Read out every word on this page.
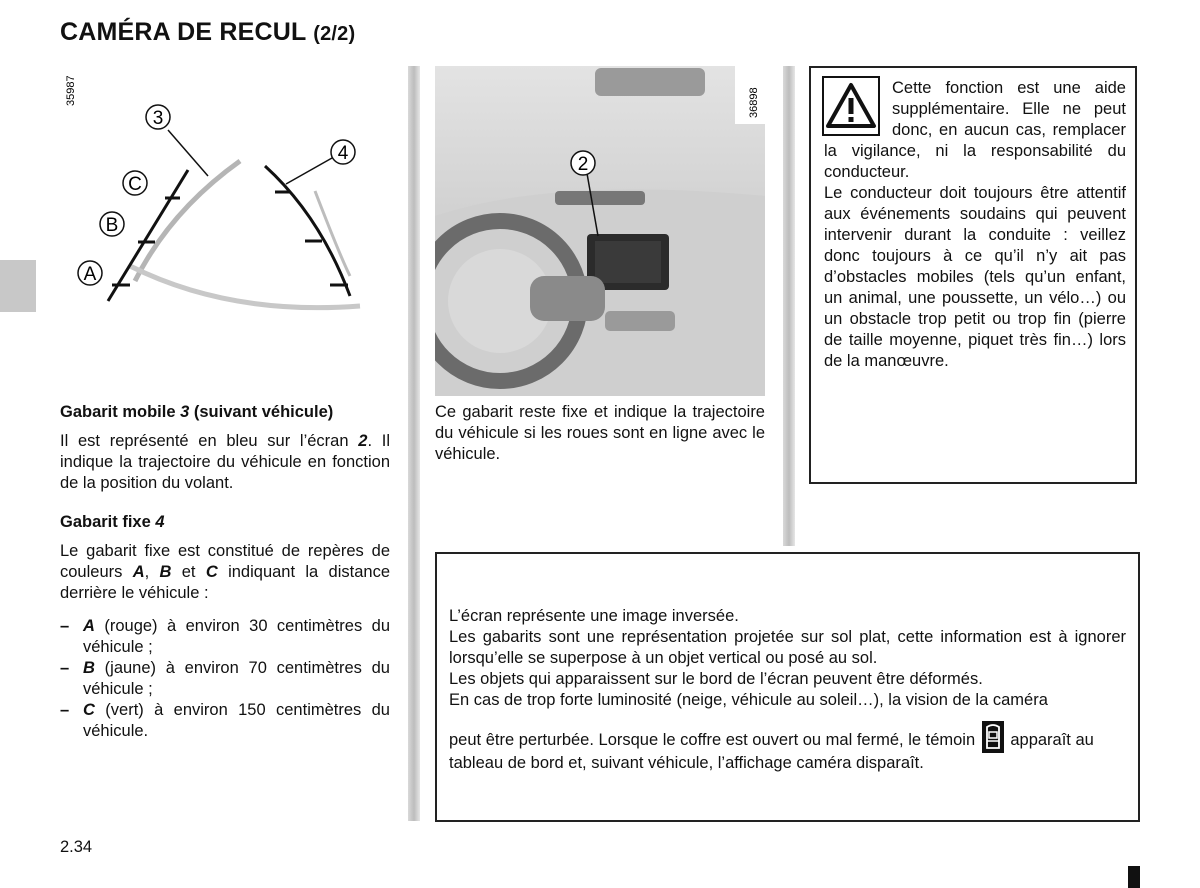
CAMÉRA DE RECUL (2/2)
35987
3
4
C
B
A
2
36898
Ce gabarit reste fixe et indique la trajectoire du véhicule si les roues sont en ligne avec le véhicule.
Gabarit mobile 3 (suivant véhicule)

Il est représenté en bleu sur l’écran 2. Il indique la trajectoire du véhicule en fonction de la position du volant.

Gabarit fixe 4

Le gabarit fixe est constitué de repères de couleurs A, B et C indiquant la distance derrière le véhicule :

– A (rouge) à environ 30 centimètres du véhicule ;
– B (jaune) à environ 70 centimètres du véhicule ;
– C (vert) à environ 150 centimètres du véhicule.
Cette fonction est une aide supplémentaire. Elle ne peut donc, en aucun cas, remplacer la vigilance, ni la responsabilité du conducteur.
Le conducteur doit toujours être attentif aux événements soudains qui peuvent intervenir durant la conduite : veillez donc toujours à ce qu’il n’y ait pas d’obstacles mobiles (tels qu’un enfant, un animal, une poussette, un vélo…) ou un obstacle trop petit ou trop fin (pierre de taille moyenne, piquet très fin…) lors de la manœuvre.
L’écran représente une image inversée.
Les gabarits sont une représentation projetée sur sol plat, cette information est à ignorer lorsqu’elle se superpose à un objet vertical ou posé au sol.
Les objets qui apparaissent sur le bord de l’écran peuvent être déformés.
En cas de trop forte luminosité (neige, véhicule au soleil…), la vision de la caméra
peut être perturbée. Lorsque le coffre est ouvert ou mal fermé, le témoin apparaît au tableau de bord et, suivant véhicule, l’affichage caméra disparaît.
2.34
